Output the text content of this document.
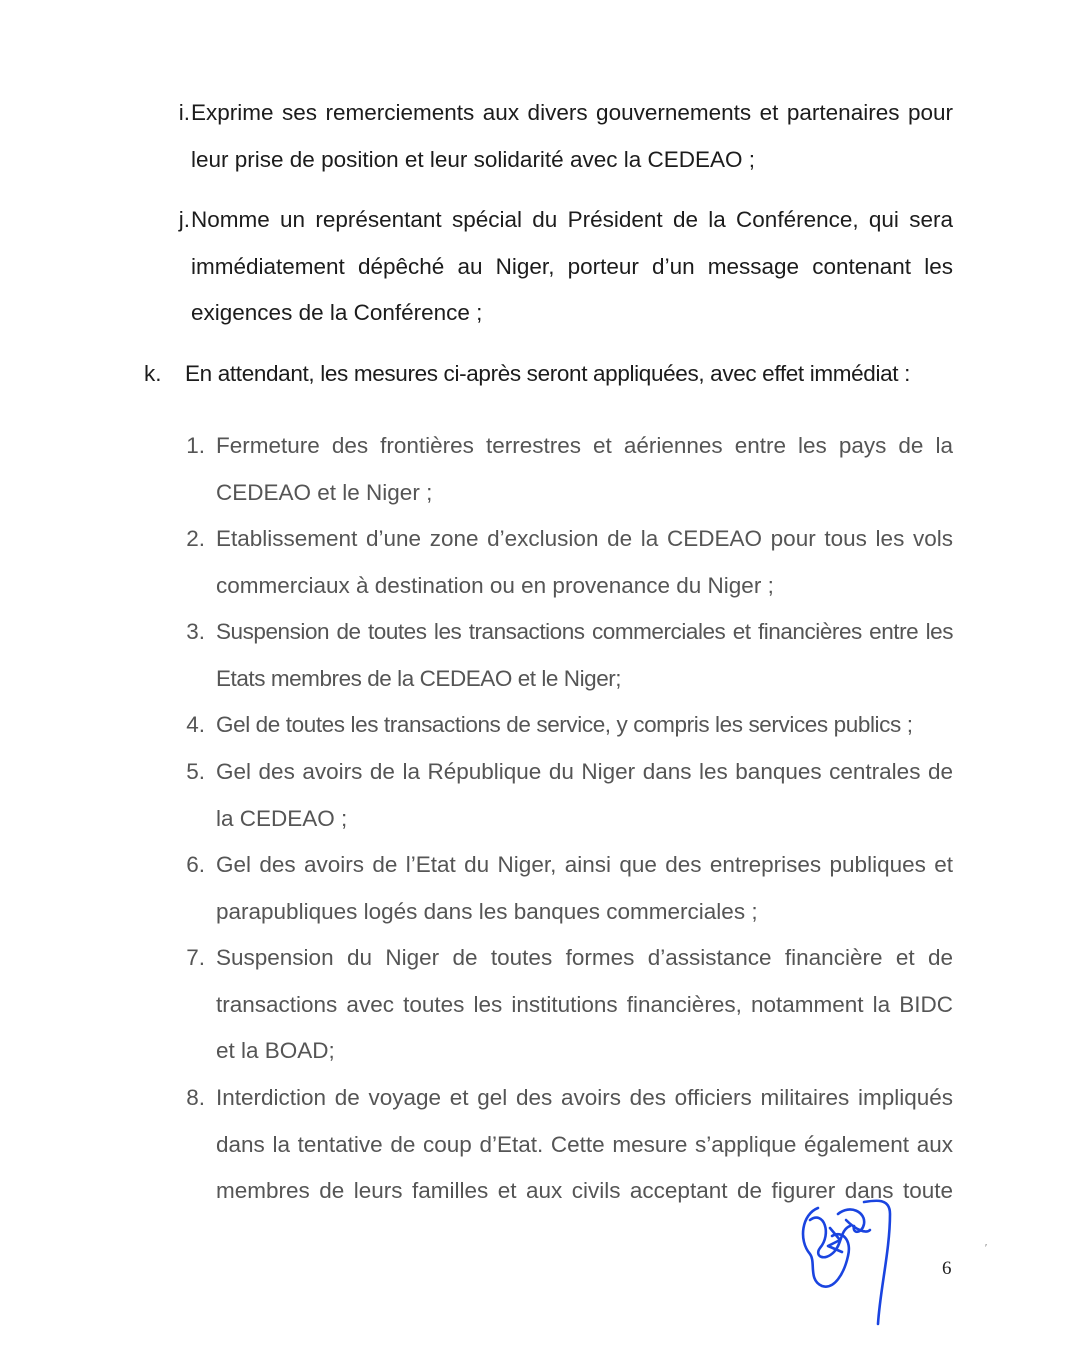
i. Exprime ses remerciements aux divers gouvernements et partenaires pour leur prise de position et leur solidarité avec la CEDEAO ;
j. Nomme un représentant spécial du Président de la Conférence, qui sera immédiatement dépêché au Niger, porteur d’un message contenant les exigences de la Conférence ;
k.	En attendant, les mesures ci-après seront appliquées, avec effet immédiat :
1. Fermeture des frontières terrestres et aériennes entre les pays de la CEDEAO et le Niger ;
2. Etablissement d’une zone d’exclusion de la CEDEAO pour tous les vols commerciaux à destination ou en provenance du Niger ;
3. Suspension de toutes les transactions commerciales et financières entre les Etats membres de la CEDEAO et le Niger;
4. Gel de toutes les transactions de service, y compris les services publics ;
5. Gel des avoirs de la République du Niger dans les banques centrales de la CEDEAO ;
6. Gel des avoirs de l’Etat du Niger, ainsi que des entreprises publiques et parapubliques logés dans les banques commerciales ;
7. Suspension du Niger de toutes formes d’assistance financière et de transactions avec toutes les institutions financières, notamment la BIDC et la BOAD;
8. Interdiction de voyage et gel des avoirs des officiers militaires impliqués dans la tentative de coup d’Etat. Cette mesure s’applique également aux membres de leurs familles et aux civils acceptant de figurer dans toute
′
6
